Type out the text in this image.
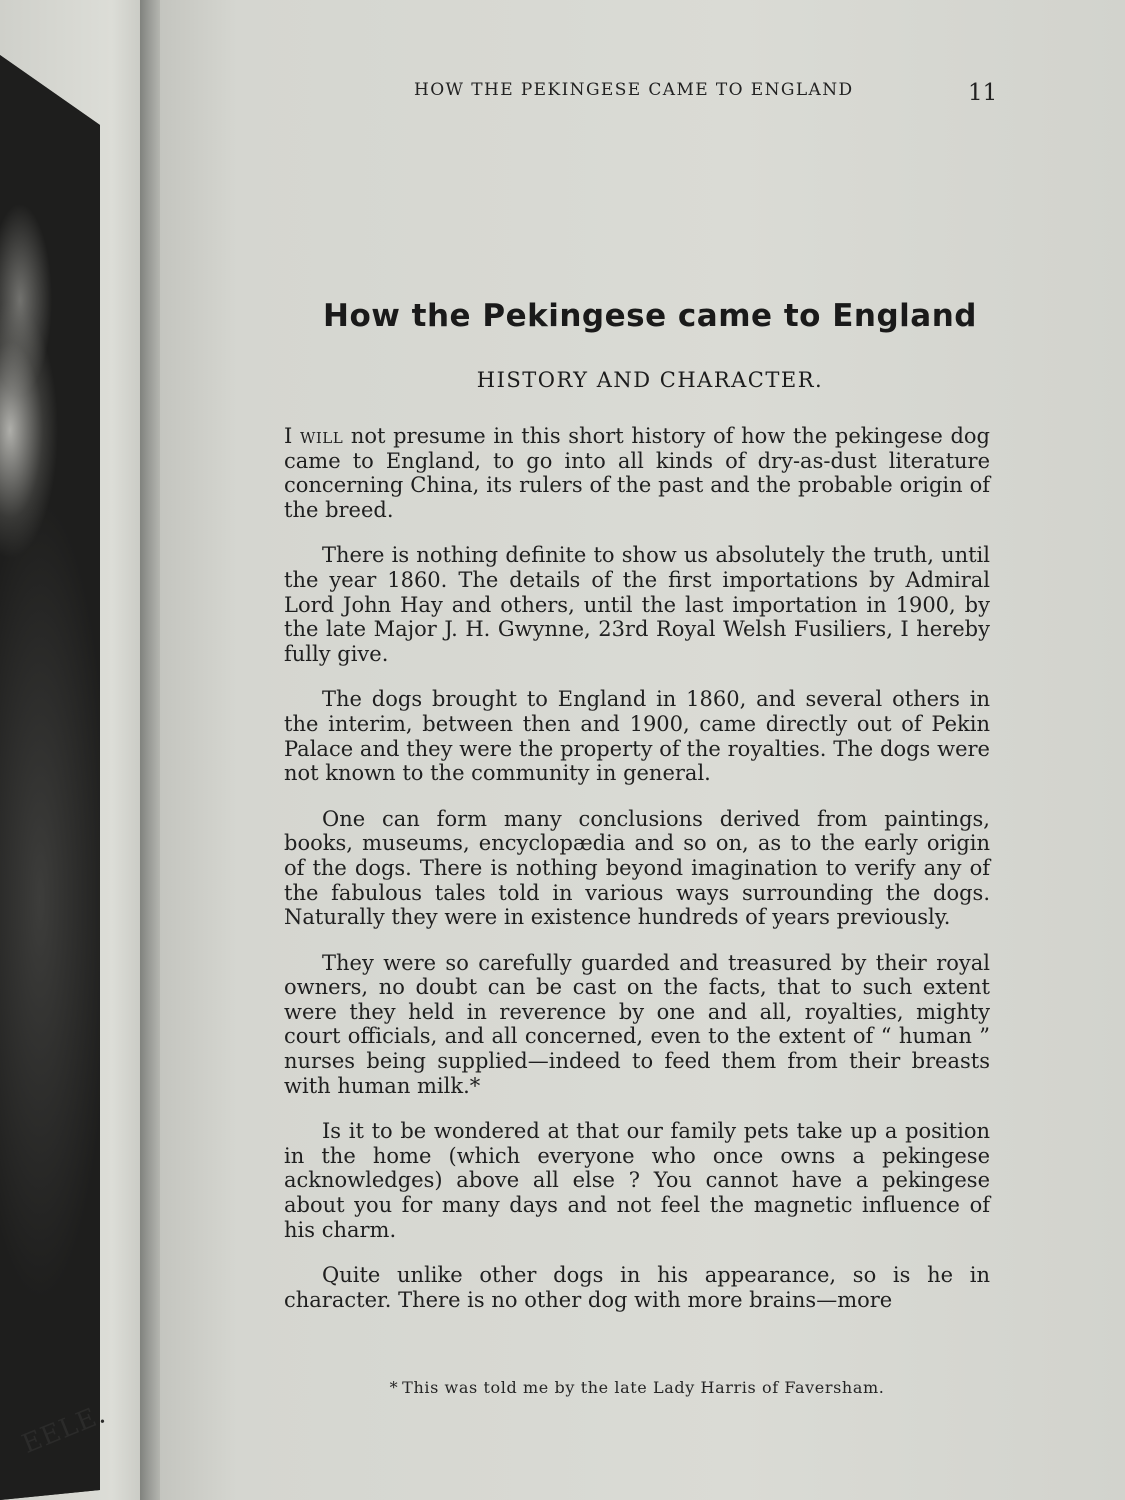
EELE.
HOW THE PEKINGESE CAME TO ENGLAND	11
How the Pekingese came to England
HISTORY AND CHARACTER.

I will not presume in this short history of how the pekingese dog came to England, to go into all kinds of dry-as-dust literature concerning China, its rulers of the past and the probable origin of the breed.

There is nothing definite to show us absolutely the truth, until the year 1860. The details of the first importations by Admiral Lord John Hay and others, until the last importation in 1900, by the late Major J. H. Gwynne, 23rd Royal Welsh Fusiliers, I hereby fully give.

The dogs brought to England in 1860, and several others in the interim, between then and 1900, came directly out of Pekin Palace and they were the property of the royalties. The dogs were not known to the community in general.

One can form many conclusions derived from paintings, books, museums, encyclopædia and so on, as to the early origin of the dogs. There is nothing beyond imagination to verify any of the fabulous tales told in various ways surrounding the dogs. Naturally they were in existence hundreds of years previously.

They were so carefully guarded and treasured by their royal owners, no doubt can be cast on the facts, that to such extent were they held in reverence by one and all, royalties, mighty court officials, and all concerned, even to the extent of “ human ” nurses being supplied—indeed to feed them from their breasts with human milk.*

Is it to be wondered at that our family pets take up a position in the home (which everyone who once owns a pekingese acknowledges) above all else ? You cannot have a pekingese about you for many days and not feel the magnetic influence of his charm.

Quite unlike other dogs in his appearance, so is he in character. There is no other dog with more brains—more

* This was told me by the late Lady Harris of Faversham.
